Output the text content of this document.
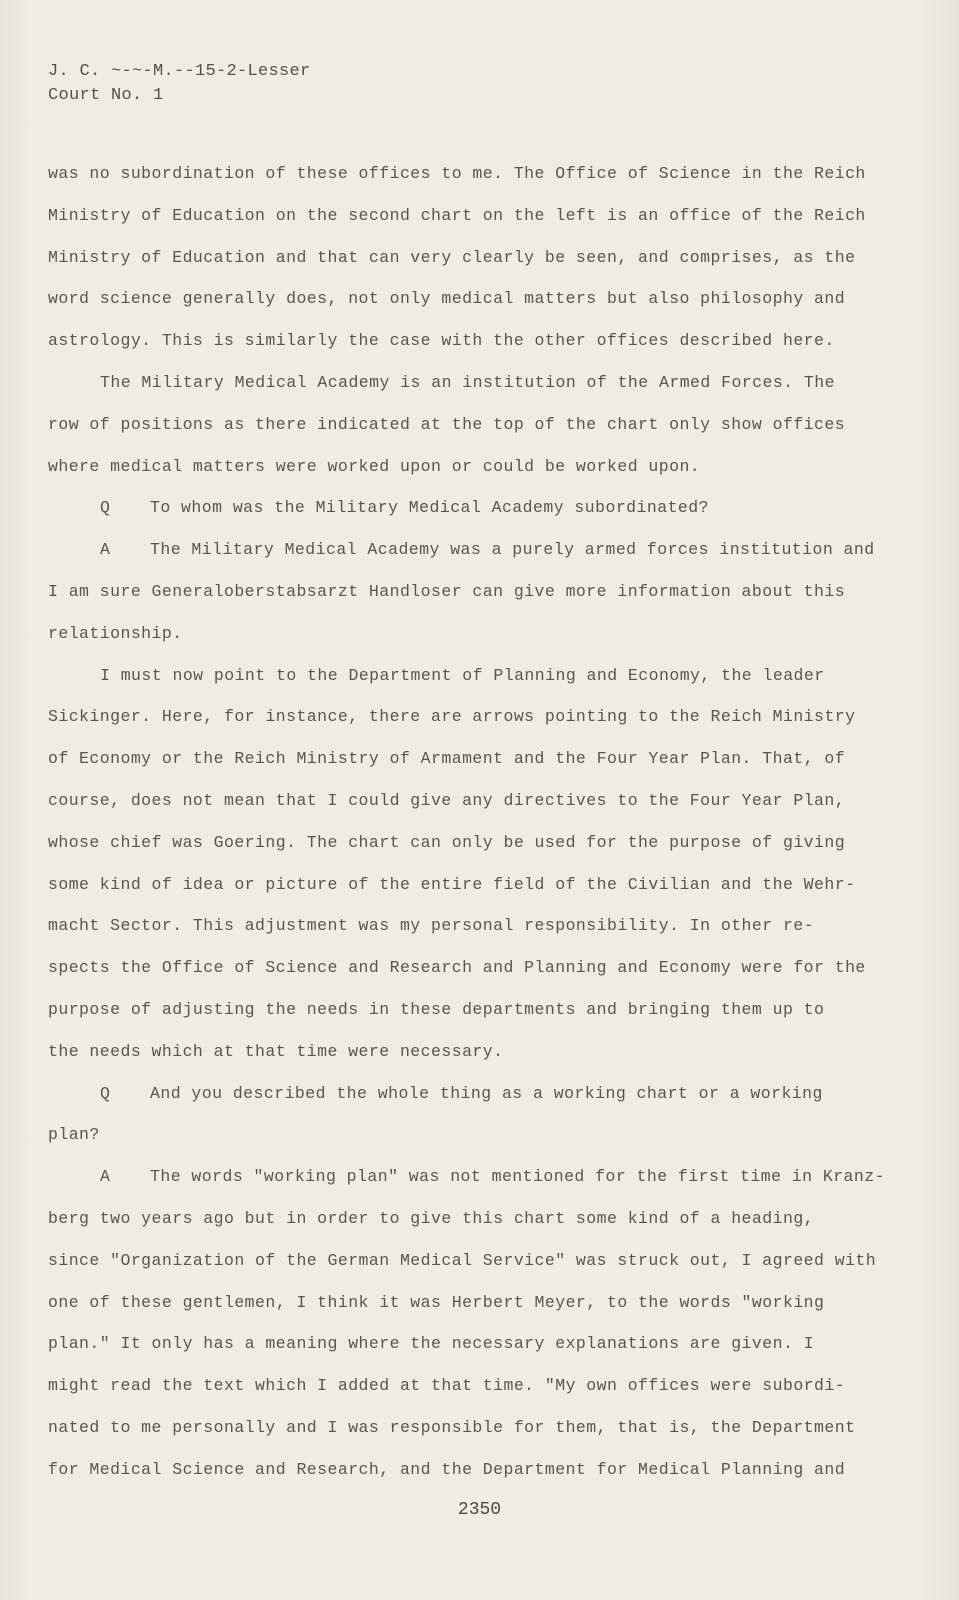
J. C. ~-~-M.--15-2-Lesser
Court No. 1
was no subordination of these offices to me. The Office of Science in the Reich
Ministry of Education on the second chart on the left is an office of the Reich
Ministry of Education and that can very clearly be seen, and comprises, as the
word science generally does, not only medical matters but also philosophy and
astrology. This is similarly the case with the other offices described here.
The Military Medical Academy is an institution of the Armed Forces. The
row of positions as there indicated at the top of the chart only show offices
where medical matters were worked upon or could be worked upon.
Q To whom was the Military Medical Academy subordinated?
A The Military Medical Academy was a purely armed forces institution and
I am sure Generaloberstabsarzt Handloser can give more information about this
relationship.
I must now point to the Department of Planning and Economy, the leader
Sickinger. Here, for instance, there are arrows pointing to the Reich Ministry
of Economy or the Reich Ministry of Armament and the Four Year Plan. That, of
course, does not mean that I could give any directives to the Four Year Plan,
whose chief was Goering. The chart can only be used for the purpose of giving
some kind of idea or picture of the entire field of the Civilian and the Wehr-
macht Sector. This adjustment was my personal responsibility. In other re-
spects the Office of Science and Research and Planning and Economy were for the
purpose of adjusting the needs in these departments and bringing them up to
the needs which at that time were necessary.
Q And you described the whole thing as a working chart or a working
plan?
A The words "working plan" was not mentioned for the first time in Kranz-
berg two years ago but in order to give this chart some kind of a heading,
since "Organization of the German Medical Service" was struck out, I agreed with
one of these gentlemen, I think it was Herbert Meyer, to the words "working
plan." It only has a meaning where the necessary explanations are given. I
might read the text which I added at that time. "My own offices were subordi-
nated to me personally and I was responsible for them, that is, the Department
for Medical Science and Research, and the Department for Medical Planning and
2350
